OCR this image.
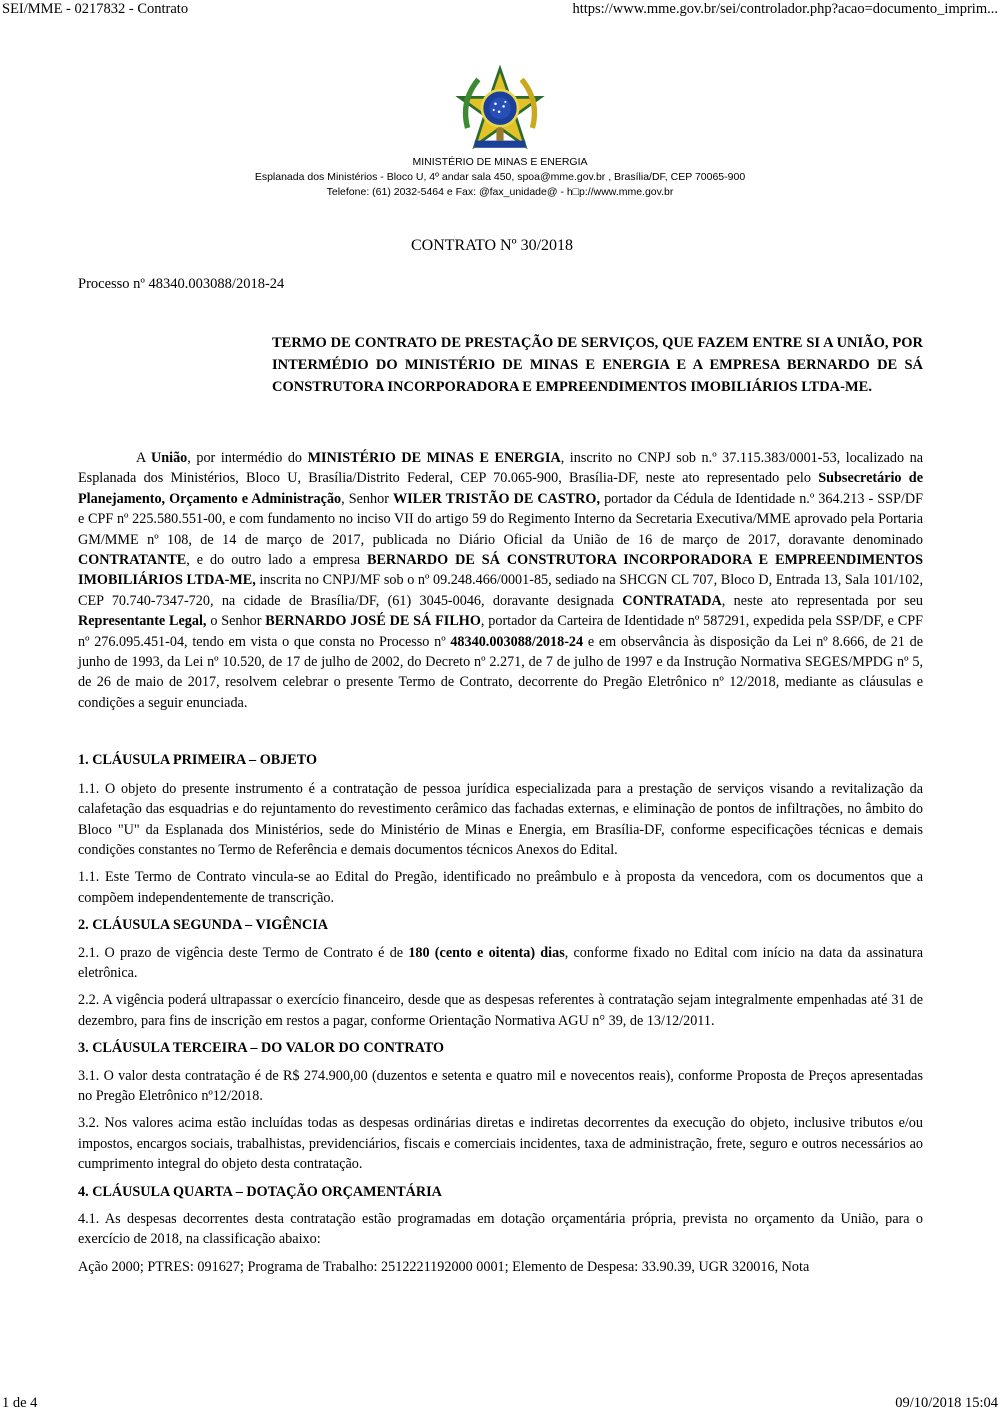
SEI/MME - 0217832 - Contrato	https://www.mme.gov.br/sei/controlador.php?acao=documento_imprim...
MINISTÉRIO DE MINAS E ENERGIA
Esplanada dos Ministérios - Bloco U, 4º andar sala 450, spoa@mme.gov.br , Brasília/DF, CEP 70065-900
Telefone: (61) 2032-5464 e Fax: @fax_unidade@ - h□p://www.mme.gov.br
CONTRATO Nº 30/2018
Processo nº 48340.003088/2018-24

TERMO DE CONTRATO DE PRESTAÇÃO DE SERVIÇOS, QUE FAZEM ENTRE SI A UNIÃO, POR INTERMÉDIO DO MINISTÉRIO DE MINAS E ENERGIA E A EMPRESA BERNARDO DE SÁ CONSTRUTORA INCORPORADORA E EMPREENDIMENTOS IMOBILIÁRIOS LTDA-ME.

A União, por intermédio do MINISTÉRIO DE MINAS E ENERGIA, inscrito no CNPJ sob n.º 37.115.383/0001-53, localizado na Esplanada dos Ministérios, Bloco U, Brasília/Distrito Federal, CEP 70.065-900, Brasília-DF, neste ato representado pelo Subsecretário de Planejamento, Orçamento e Administração, Senhor WILER TRISTÃO DE CASTRO, portador da Cédula de Identidade n.º 364.213 - SSP/DF e CPF nº 225.580.551-00, e com fundamento no inciso VII do artigo 59 do Regimento Interno da Secretaria Executiva/MME aprovado pela Portaria GM/MME nº 108, de 14 de março de 2017, publicada no Diário Oficial da União de 16 de março de 2017, doravante denominado CONTRATANTE, e do outro lado a empresa BERNARDO DE SÁ CONSTRUTORA INCORPORADORA E EMPREENDIMENTOS IMOBILIÁRIOS LTDA-ME, inscrita no CNPJ/MF sob o nº 09.248.466/0001-85, sediado na SHCGN CL 707, Bloco D, Entrada 13, Sala 101/102, CEP 70.740-7347-720, na cidade de Brasília/DF, (61) 3045-0046, doravante designada CONTRATADA, neste ato representada por seu Representante Legal, o Senhor BERNARDO JOSÉ DE SÁ FILHO, portador da Carteira de Identidade nº 587291, expedida pela SSP/DF, e CPF nº 276.095.451-04, tendo em vista o que consta no Processo nº 48340.003088/2018-24 e em observância às disposição da Lei nº 8.666, de 21 de junho de 1993, da Lei nº 10.520, de 17 de julho de 2002, do Decreto nº 2.271, de 7 de julho de 1997 e da Instrução Normativa SEGES/MPDG nº 5, de 26 de maio de 2017, resolvem celebrar o presente Termo de Contrato, decorrente do Pregão Eletrônico nº 12/2018, mediante as cláusulas e condições a seguir enunciada.

1. CLÁUSULA PRIMEIRA – OBJETO

1.1. O objeto do presente instrumento é a contratação de pessoa jurídica especializada para a prestação de serviços visando a revitalização da calafetação das esquadrias e do rejuntamento do revestimento cerâmico das fachadas externas, e eliminação de pontos de infiltrações, no âmbito do Bloco "U" da Esplanada dos Ministérios, sede do Ministério de Minas e Energia, em Brasília-DF, conforme especificações técnicas e demais condições constantes no Termo de Referência e demais documentos técnicos Anexos do Edital.

1.1. Este Termo de Contrato vincula-se ao Edital do Pregão, identificado no preâmbulo e à proposta da vencedora, com os documentos que a compõem independentemente de transcrição.

2. CLÁUSULA SEGUNDA – VIGÊNCIA

2.1. O prazo de vigência deste Termo de Contrato é de 180 (cento e oitenta) dias, conforme fixado no Edital com início na data da assinatura eletrônica.

2.2. A vigência poderá ultrapassar o exercício financeiro, desde que as despesas referentes à contratação sejam integralmente empenhadas até 31 de dezembro, para fins de inscrição em restos a pagar, conforme Orientação Normativa AGU n° 39, de 13/12/2011.

3. CLÁUSULA TERCEIRA – DO VALOR DO CONTRATO

3.1. O valor desta contratação é de R$ 274.900,00 (duzentos e setenta e quatro mil e novecentos reais), conforme Proposta de Preços apresentadas no Pregão Eletrônico nº12/2018.

3.2. Nos valores acima estão incluídas todas as despesas ordinárias diretas e indiretas decorrentes da execução do objeto, inclusive tributos e/ou impostos, encargos sociais, trabalhistas, previdenciários, fiscais e comerciais incidentes, taxa de administração, frete, seguro e outros necessários ao cumprimento integral do objeto desta contratação.

4. CLÁUSULA QUARTA – DOTAÇÃO ORÇAMENTÁRIA

4.1. As despesas decorrentes desta contratação estão programadas em dotação orçamentária própria, prevista no orçamento da União, para o exercício de 2018, na classificação abaixo:

Ação 2000; PTRES: 091627; Programa de Trabalho: 2512221192000 0001; Elemento de Despesa: 33.90.39, UGR 320016, Nota

1 de 4	09/10/2018 15:04
